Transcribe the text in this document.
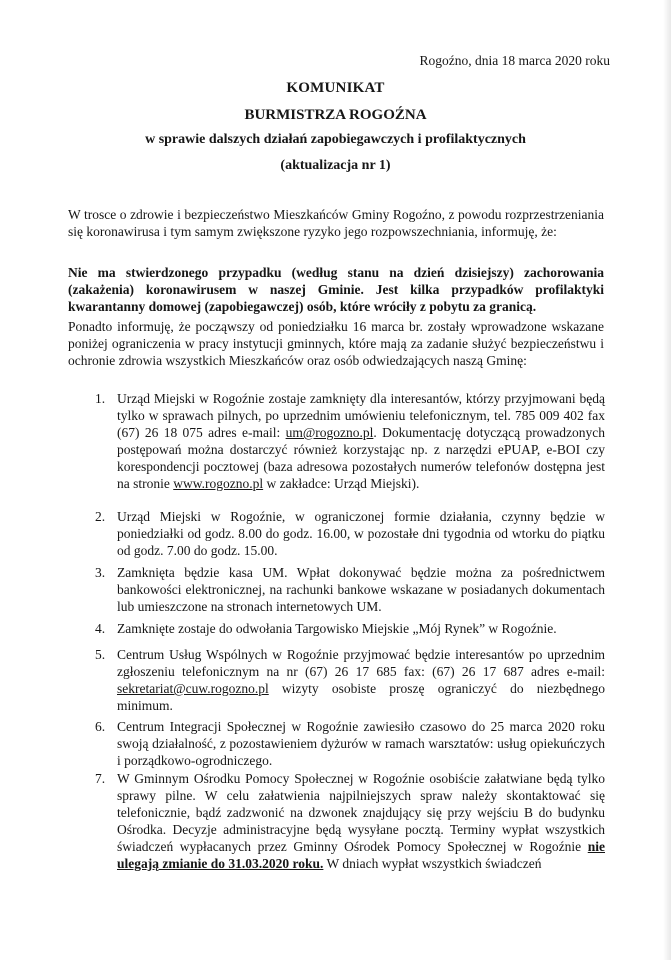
Rogoźno, dnia 18 marca 2020 roku
KOMUNIKAT
BURMISTRZA ROGOŹNA
w sprawie dalszych działań zapobiegawczych i profilaktycznych
(aktualizacja nr 1)

W trosce o zdrowie i bezpieczeństwo Mieszkańców Gminy Rogoźno, z powodu rozprzestrzeniania się koronawirusa i tym samym zwiększone ryzyko jego rozpowszechniania, informuję, że:

Nie ma stwierdzonego przypadku (według stanu na dzień dzisiejszy) zachorowania (zakażenia) koronawirusem w naszej Gminie. Jest kilka przypadków profilaktyki kwarantanny domowej (zapobiegawczej) osób, które wróciły z pobytu za granicą.

Ponadto informuję, że począwszy od poniedziałku 16 marca br. zostały wprowadzone wskazane poniżej ograniczenia w pracy instytucji gminnych, które mają za zadanie służyć bezpieczeństwu i ochronie zdrowia wszystkich Mieszkańców oraz osób odwiedzających naszą Gminę:

1. Urząd Miejski w Rogoźnie zostaje zamknięty dla interesantów, którzy przyjmowani będą tylko w sprawach pilnych, po uprzednim umówieniu telefonicznym, tel. 785 009 402 fax (67) 26 18 075 adres e-mail: um@rogozno.pl. Dokumentację dotyczącą prowadzonych postępowań można dostarczyć również korzystając np. z narzędzi ePUAP, e-BOI czy korespondencji pocztowej (baza adresowa pozostałych numerów telefonów dostępna jest na stronie www.rogozno.pl w zakładce: Urząd Miejski).
2. Urząd Miejski w Rogoźnie, w ograniczonej formie działania, czynny będzie w poniedziałki od godz. 8.00 do godz. 16.00, w pozostałe dni tygodnia od wtorku do piątku od godz. 7.00 do godz. 15.00.
3. Zamknięta będzie kasa UM. Wpłat dokonywać będzie można za pośrednictwem bankowości elektronicznej, na rachunki bankowe wskazane w posiadanych dokumentach lub umieszczone na stronach internetowych UM.
4. Zamknięte zostaje do odwołania Targowisko Miejskie „Mój Rynek” w Rogoźnie.
5. Centrum Usług Wspólnych w Rogoźnie przyjmować będzie interesantów po uprzednim zgłoszeniu telefonicznym na nr (67) 26 17 685 fax: (67) 26 17 687 adres e-mail: sekretariat@cuw.rogozno.pl wizyty osobiste proszę ograniczyć do niezbędnego minimum.
6. Centrum Integracji Społecznej w Rogoźnie zawiesiło czasowo do 25 marca 2020 roku swoją działalność, z pozostawieniem dyżurów w ramach warsztatów: usług opiekuńczych i porządkowo-ogrodniczego.
7. W Gminnym Ośrodku Pomocy Społecznej w Rogoźnie osobiście załatwiane będą tylko sprawy pilne. W celu załatwienia najpilniejszych spraw należy skontaktować się telefonicznie, bądź zadzwonić na dzwonek znajdujący się przy wejściu B do budynku Ośrodka. Decyzje administracyjne będą wysyłane pocztą. Terminy wypłat wszystkich świadczeń wypłacanych przez Gminny Ośrodek Pomocy Społecznej w Rogoźnie nie ulegają zmianie do 31.03.2020 roku. W dniach wypłat wszystkich świadczeń
